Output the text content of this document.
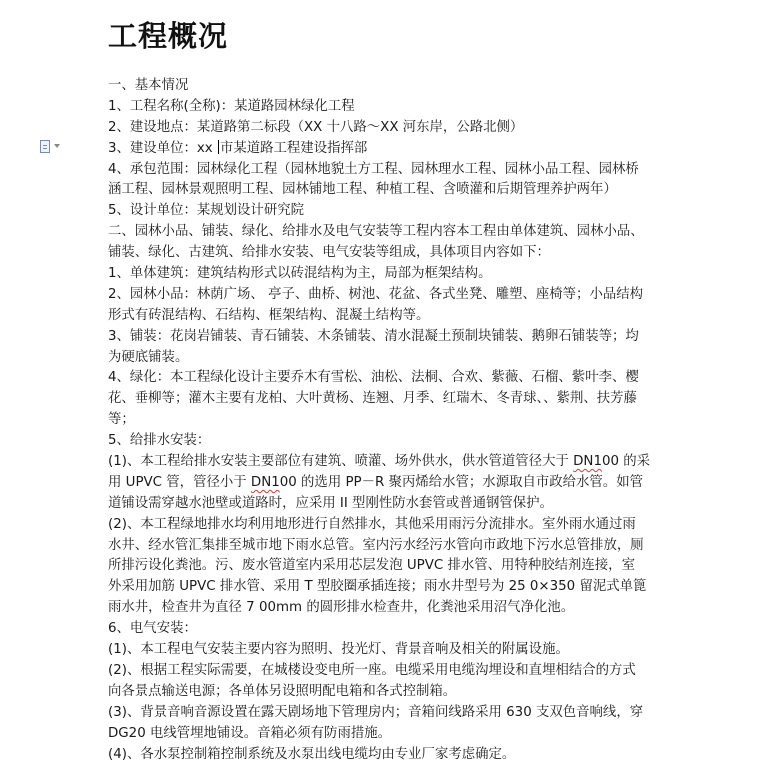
工程概况
一、基本情况
1、工程名称(全称)：某道路园林绿化工程
2、建设地点：某道路第二标段（XX 十八路～XX 河东岸，公路北侧）
3、建设单位：xx 市某道路工程建设指挥部
4、承包范围：园林绿化工程（园林地貌土方工程、园林理水工程、园林小品工程、园林桥
涵工程、园林景观照明工程、园林铺地工程、种植工程、含喷灌和后期管理养护两年）
5、设计单位：某规划设计研究院
二、园林小品、铺装、绿化、给排水及电气安装等工程内容本工程由单体建筑、园林小品、
铺装、绿化、古建筑、给排水安装、电气安装等组成，具体项目内容如下：
1、单体建筑：建筑结构形式以砖混结构为主，局部为框架结构。
2、园林小品：林荫广场、 亭子、曲桥、树池、花盆、各式坐凳、雕塑、座椅等；小品结构
形式有砖混结构、石结构、框架结构、混凝土结构等。
3、铺装：花岗岩铺装、青石铺装、木条铺装、清水混凝土预制块铺装、鹅卵石铺装等；均
为硬底铺装。
4、绿化：本工程绿化设计主要乔木有雪松、油松、法桐、合欢、紫薇、石榴、紫叶李、樱
花、垂柳等；灌木主要有龙柏、大叶黄杨、连翘、月季、红瑞木、冬青球、、紫荆、扶芳藤
等；
5、给排水安装：
(1)、本工程给排水安装主要部位有建筑、喷灌、场外供水，供水管道管径大于 DN100 的采
用 UPVC 管，管径小于 DN100 的选用 PP－R 聚丙烯给水管；水源取自市政给水管。如管
道铺设需穿越水池壁或道路时，应采用 II 型刚性防水套管或普通钢管保护。
(2)、本工程绿地排水均利用地形进行自然排水，其他采用雨污分流排水。室外雨水通过雨
水井、经水管汇集排至城市地下雨水总管。室内污水经污水管向市政地下污水总管排放，厕
所排污设化粪池。污、废水管道室内采用芯层发泡 UPVC 排水管、用特种胶结剂连接，室
外采用加筋 UPVC 排水管、采用 T 型胶圈承插连接；雨水井型号为 25 0×350 留泥式单篦
雨水井，检查井为直径 7 00mm 的圆形排水检查井，化粪池采用沼气净化池。
6、电气安装：
(1)、本工程电气安装主要内容为照明、投光灯、背景音响及相关的附属设施。
(2)、根据工程实际需要，在城楼设变电所一座。电缆采用电缆沟埋设和直埋相结合的方式
向各景点输送电源；各单体另设照明配电箱和各式控制箱。
(3)、背景音响音源设置在露天剧场地下管理房内；音箱问线路采用 630 支双色音响线，穿
DG20 电线管埋地铺设。音箱必须有防雨措施。
(4)、各水泵控制箱控制系统及水泵出线电缆均由专业厂家考虑确定。
